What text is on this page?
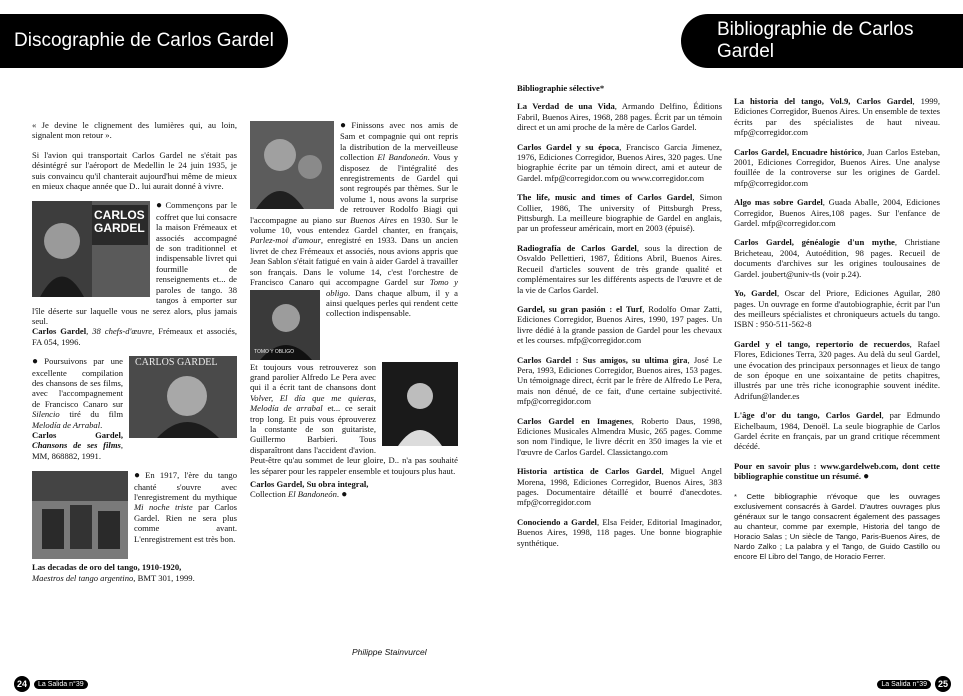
Discographie de Carlos Gardel
Bibliographie de Carlos Gardel

« Je devine le clignement des lumières qui, au loin, signalent mon retour ».

Si l'avion qui transportait Carlos Gardel ne s'était pas désintégré sur l'aéroport de Medellin le 24 juin 1935, je suis convaincu qu'il chanterait aujourd'hui même de mieux en mieux chaque année que D.. lui aurait donné à vivre.

CARLOS
GARDEL

● Commençons par le coffret que lui consacre la maison Frémeaux et associés accompagné de son traditionnel et indispensable livret qui fourmille de renseignements et... de paroles de tango. 38 tangos à emporter sur l'île déserte sur laquelle vous ne serez alors, plus jamais seul.
Carlos Gardel, 38 chefs-d'œuvre, Frémeaux et associés, FA 054, 1996.

CARLOS GARDEL
● Poursuivons par une excellente compilation des chansons de ses films, avec l'accompagnement de Francisco Canaro sur Silencio tiré du film Melodía de Arrabal.
Carlos Gardel, Chansons de ses films, MM, 868882, 1991.

● En 1917, l'ère du tango chanté s'ouvre avec l'enregistrement du mythique Mi noche triste par Carlos Gardel. Rien ne sera plus comme avant. L'enregistrement est très bon.

Las decadas de oro del tango, 1910-1920,
Maestros del tango argentino, BMT 301, 1999.

● Finissons avec nos amis de Sam et compagnie qui ont repris la distribution de la merveilleuse collection El Bandoneón. Vous y disposez de l'intégralité des enregistrements de Gardel qui sont regroupés par thèmes. Sur le volume 1, nous avons la surprise de retrouver Rodolfo Biagi qui l'accompagne au piano sur Buenos Aires en 1930. Sur le volume 10, vous entendez Gardel chanter, en français, Parlez-moi d'amour, enregistré en 1933. Dans un ancien livret de chez Frémeaux et associés, nous avions appris que Jean Sablon s'était fatigué en vain à aider Gardel à travailler son français. Dans le volume 14, c'est l'orchestre de Francisco Canaro qui accompagne Gardel sur
TOMO Y OBLIGO
Tomo y obligo. Dans chaque album, il y a ainsi quelques perles qui rendent cette collection indispensable.

Et toujours vous retrouverez son grand parolier Alfredo Le Pera avec qui il a écrit tant de chansons dont Volver, El día que me quieras, Melodía de arrabal et... ce serait trop long. Et puis vous éprouverez la constante de son guitariste, Guillermo Barbieri. Tous disparaîtront dans l'accident d'avion. Peut-être qu'au sommet de leur gloire, D.. n'a pas souhaité les séparer pour les rappeler ensemble et toujours plus haut.

Carlos Gardel, Su obra integral,
Collection El Bandoneón. ●

Philippe Stainvurcel
Bibliographie sélective*

La Verdad de una Vida, Armando Delfino, Éditions Fabril, Buenos Aires, 1968, 288 pages. Écrit par un témoin direct et un ami proche de la mère de Carlos Gardel.

Carlos Gardel y su época, Francisco Garcia Jimenez, 1976, Ediciones Corregidor, Buenos Aires, 320 pages. Une biographie écrite par un témoin direct, ami et auteur de Gardel. mfp@corregidor.com ou www.corregidor.com

The life, music and times of Carlos Gardel, Simon Collier, 1986, The university of Pittsburgh Press, Pittsburgh. La meilleure biographie de Gardel en anglais, par un professeur américain, mort en 2003 (épuisé).

Radiografía de Carlos Gardel, sous la direction de Osvaldo Pellettieri, 1987, Éditions Abril, Buenos Aires. Recueil d'articles souvent de très grande qualité et complémentaires sur les différents aspects de l'œuvre et de la vie de Carlos Gardel.

Gardel, su gran pasión : el Turf, Rodolfo Omar Zatti, Ediciones Corregidor, Buenos Aires, 1990, 197 pages. Un livre dédié à la grande passion de Gardel pour les chevaux et les courses. mfp@corregidor.com

Carlos Gardel : Sus amigos, su ultima gira, José Le Pera, 1993, Ediciones Corregidor, Buenos aires, 153 pages. Un témoignage direct, écrit par le frère de Alfredo Le Pera, mais non dénué, de ce fait, d'une certaine subjectivité. mfp@corregidor.com

Carlos Gardel en Imagenes, Roberto Daus, 1998, Ediciones Musicales Almendra Music, 265 pages. Comme son nom l'indique, le livre décrit en 350 images la vie et l'œuvre de Carlos Gardel. Classictango.com

Historia artística de Carlos Gardel, Miguel Angel Morena, 1998, Ediciones Corregidor, Buenos Aires, 383 pages. Documentaire détaillé et bourré d'anecdotes. mfp@corregidor.com

Conociendo a Gardel, Elsa Feider, Editorial Imaginador, Buenos Aires, 1998, 118 pages. Une bonne biographie synthétique.

La historia del tango, Vol.9, Carlos Gardel, 1999, Ediciones Corregidor, Buenos Aires. Un ensemble de textes écrits par des spécialistes de haut niveau. mfp@corregidor.com

Carlos Gardel, Encuadre histórico, Juan Carlos Esteban, 2001, Ediciones Corregidor, Buenos Aires. Une analyse fouillée de la controverse sur les origines de Gardel. mfp@corregidor.com

Algo mas sobre Gardel, Guada Aballe, 2004, Ediciones Corregidor, Buenos Aires,108 pages. Sur l'enfance de Gardel. mfp@corregidor.com

Carlos Gardel, généalogie d'un mythe, Christiane Bricheteau, 2004, Autoédition, 98 pages. Recueil de documents d'archives sur les origines toulousaines de Gardel. joubert@univ-tls (voir p.24).

Yo, Gardel, Oscar del Priore, Ediciones Aguilar, 280 pages. Un ouvrage en forme d'autobiographie, écrit par l'un des meilleurs spécialistes et chroniqueurs actuels du tango. ISBN : 950-511-562-8

Gardel y el tango, repertorio de recuerdos, Rafael Flores, Ediciones Terra, 320 pages. Au delà du seul Gardel, une évocation des principaux personnages et lieux de tango de son époque en une soixantaine de petits chapitres, illustrés par une très riche iconographie souvent inédite. Adrifun@lander.es

L'âge d'or du tango, Carlos Gardel, par Edmundo Eichelbaum, 1984, Denoël. La seule biographie de Carlos Gardel écrite en français, par un grand critique récemment décédé.

Pour en savoir plus : www.gardelweb.com, dont cette bibliographie constitue un résumé. ●

* Cette bibliographie n'évoque que les ouvrages exclusivement consacrés à Gardel. D'autres ouvrages plus généraux sur le tango consacrent également des passages au chanteur, comme par exemple, Historia del tango de Horacio Salas ; Un siècle de Tango, Paris-Buenos Aires, de Nardo Zalko ; La palabra y el Tango, de Guido Castillo ou encore El Libro del Tango, de Horacio Ferrer.

24	La Salida n°39	La Salida n°39	25
